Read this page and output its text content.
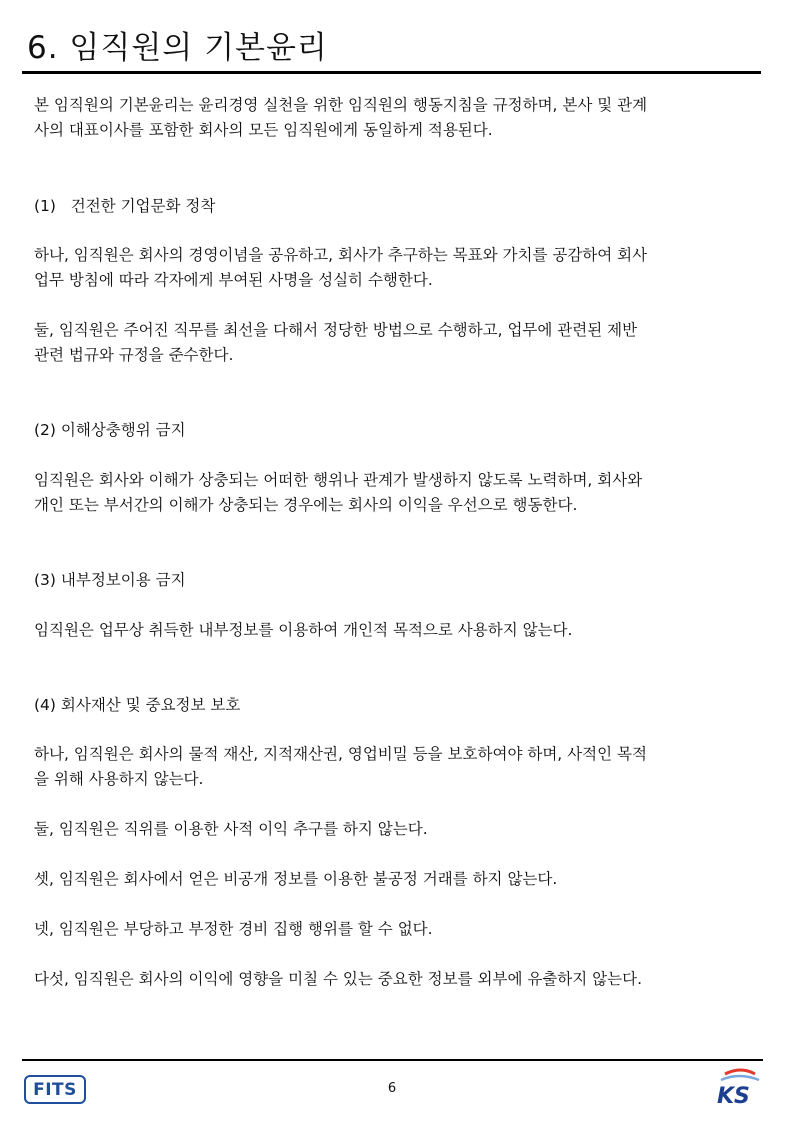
6. 임직원의 기본윤리

본 임직원의 기본윤리는 윤리경영 실천을 위한 임직원의 행동지침을 규정하며, 본사 및 관계

사의 대표이사를 포함한 회사의 모든 임직원에게 동일하게 적용된다.

(1)   건전한 기업문화 정착

하나, 임직원은 회사의 경영이념을 공유하고, 회사가 추구하는 목표와 가치를 공감하여 회사

업무 방침에 따라 각자에게 부여된 사명을 성실히 수행한다.

둘, 임직원은 주어진 직무를 최선을 다해서 정당한 방법으로 수행하고, 업무에 관련된 제반

관련 법규와 규정을 준수한다.

(2) 이해상충행위 금지

임직원은 회사와 이해가 상충되는 어떠한 행위나 관계가 발생하지 않도록 노력하며, 회사와

개인 또는 부서간의 이해가 상충되는 경우에는 회사의 이익을 우선으로 행동한다.

(3) 내부정보이용 금지

임직원은 업무상 취득한 내부정보를 이용하여 개인적 목적으로 사용하지 않는다.

(4) 회사재산 및 중요정보 보호

하나, 임직원은 회사의 물적 재산, 지적재산권, 영업비밀 등을 보호하여야 하며, 사적인 목적

을 위해 사용하지 않는다.

둘, 임직원은 직위를 이용한 사적 이익 추구를 하지 않는다.

셋, 임직원은 회사에서 얻은 비공개 정보를 이용한 불공정 거래를 하지 않는다.

넷, 임직원은 부당하고 부정한 경비 집행 행위를 할 수 없다.

다섯, 임직원은 회사의 이익에 영향을 미칠 수 있는 중요한 정보를 외부에 유출하지 않는다.

FITS	6	KS
